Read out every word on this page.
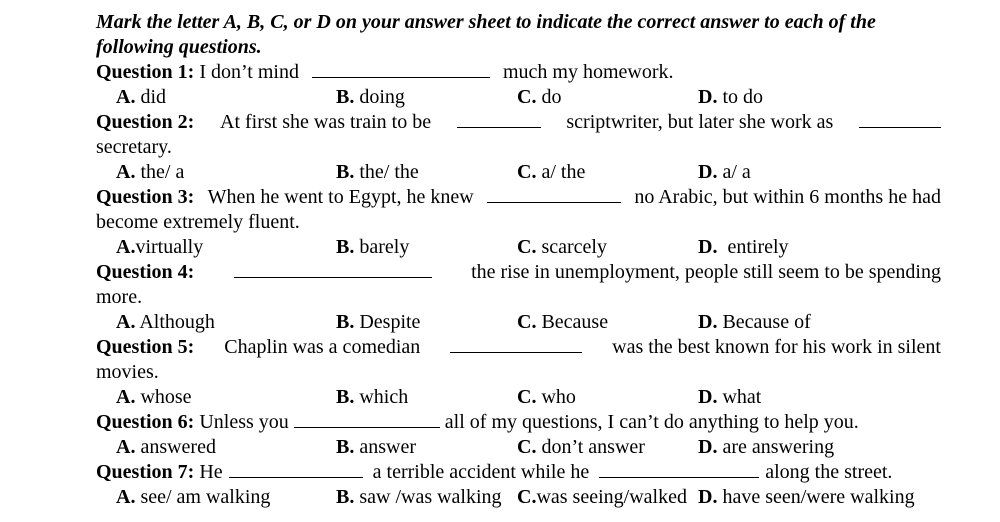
Mark the letter A, B, C, or D on your answer sheet to indicate the correct answer to each of the
following questions.
Question 1: I don’t mind	much my homework.
A. did	B. doing	C. do	D. to do
Question 2: At first she was train to be	scriptwriter, but later she work as
secretary.
A. the/ a	B. the/ the	C. a/ the	D. a/ a
Question 3: When he went to Egypt, he knew	no Arabic, but within 6 months he had
become extremely fluent.
A.virtually	B. barely	C. scarcely	D. entirely
Question 4:	the rise in unemployment, people still seem to be spending
more.
A. Although	B. Despite	C. Because	D. Because of
Question 5: Chaplin was a comedian	was the best known for his work in silent
movies.
A. whose	B. which	C. who	D. what
Question 6: Unless you	all of my questions, I can’t do anything to help you.
A. answered	B. answer	C. don’t answer	D. are answering
Question 7: He	a terrible accident while he	along the street.
A. see/ am walking	B. saw /was walking C.was seeing/walked D. have seen/were walking
